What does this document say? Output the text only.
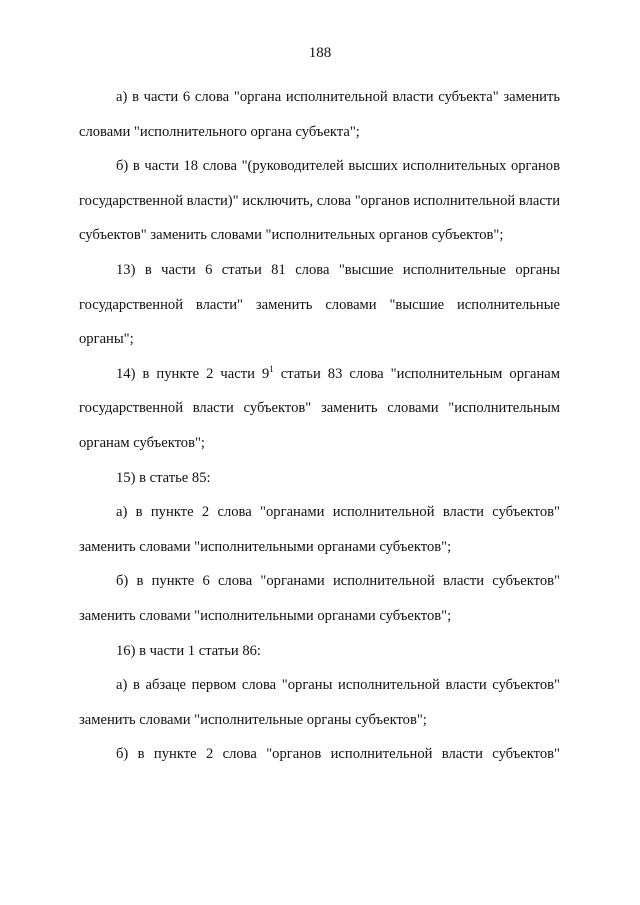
188

а) в части 6 слова "органа исполнительной власти субъекта" заменить словами "исполнительного органа субъекта";

б) в части 18 слова "(руководителей высших исполнительных органов государственной власти)" исключить, слова "органов исполнительной власти субъектов" заменить словами "исполнительных органов субъектов";

13) в части 6 статьи 81 слова "высшие исполнительные органы государственной власти" заменить словами "высшие исполнительные органы";

14) в пункте 2 части $9^1$ статьи 83 слова "исполнительным органам государственной власти субъектов" заменить словами "исполнительным органам субъектов";

15) в статье 85:

а) в пункте 2 слова "органами исполнительной власти субъектов" заменить словами "исполнительными органами субъектов";

б) в пункте 6 слова "органами исполнительной власти субъектов" заменить словами "исполнительными органами субъектов";

16) в части 1 статьи 86:

а) в абзаце первом слова "органы исполнительной власти субъектов" заменить словами "исполнительные органы субъектов";

б) в пункте 2 слова "органов исполнительной власти субъектов"
